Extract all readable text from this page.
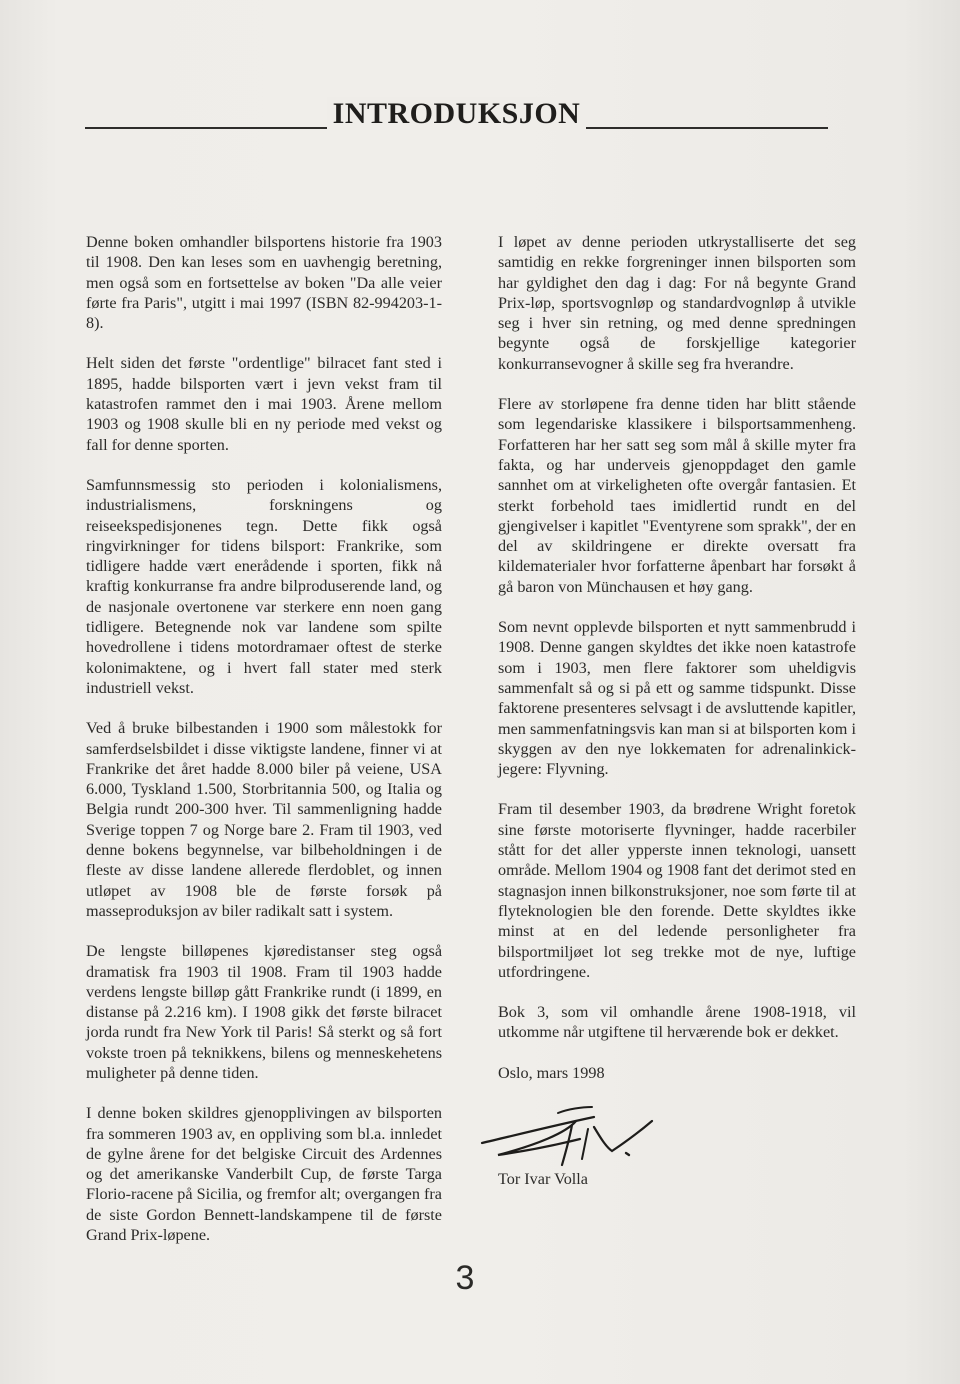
INTRODUKSJON

Denne boken omhandler bilsportens historie fra 1903 til 1908. Den kan leses som en uavhengig beretning, men også som en fortsettelse av boken "Da alle veier førte fra Paris", utgitt i mai 1997 (ISBN 82-994203-1-8).

Helt siden det første "ordentlige" bilracet fant sted i 1895, hadde bilsporten vært i jevn vekst fram til katastrofen rammet den i mai 1903. Årene mellom 1903 og 1908 skulle bli en ny periode med vekst og fall for denne sporten.

Samfunnsmessig sto perioden i kolonialismens, industrialismens, forskningens og reiseekspedisjonenes tegn. Dette fikk også ringvirkninger for tidens bilsport: Frankrike, som tidligere hadde vært enerådende i sporten, fikk nå kraftig konkurranse fra andre bilproduserende land, og de nasjonale overtonene var sterkere enn noen gang tidligere. Betegnende nok var landene som spilte hovedrollene i tidens motordramaer oftest de sterke kolonimaktene, og i hvert fall stater med sterk industriell vekst.

Ved å bruke bilbestanden i 1900 som målestokk for samferdselsbildet i disse viktigste landene, finner vi at Frankrike det året hadde 8.000 biler på veiene, USA 6.000, Tyskland 1.500, Storbritannia 500, og Italia og Belgia rundt 200-300 hver. Til sammenligning hadde Sverige toppen 7 og Norge bare 2. Fram til 1903, ved denne bokens begynnelse, var bilbeholdningen i de fleste av disse landene allerede flerdoblet, og innen utløpet av 1908 ble de første forsøk på masseproduksjon av biler radikalt satt i system.

De lengste billøpenes kjøredistanser steg også dramatisk fra 1903 til 1908. Fram til 1903 hadde verdens lengste billøp gått Frankrike rundt (i 1899, en distanse på 2.216 km). I 1908 gikk det første bilracet jorda rundt fra New York til Paris! Så sterkt og så fort vokste troen på teknikkens, bilens og menneskehetens muligheter på denne tiden.

I denne boken skildres gjenopplivingen av bilsporten fra sommeren 1903 av, en oppliving som bl.a. innledet de gylne årene for det belgiske Circuit des Ardennes og det amerikanske Vanderbilt Cup, de første Targa Florio-racene på Sicilia, og fremfor alt; overgangen fra de siste Gordon Bennett-landskampene til de første Grand Prix-løpene.

I løpet av denne perioden utkrystalliserte det seg samtidig en rekke forgreninger innen bilsporten som har gyldighet den dag i dag: For nå begynte Grand Prix-løp, sportsvognløp og standardvognløp å utvikle seg i hver sin retning, og med denne spredningen begynte også de forskjellige kategorier konkurransevogner å skille seg fra hverandre.

Flere av storløpene fra denne tiden har blitt stående som legendariske klassikere i bilsportsammenheng. Forfatteren har her satt seg som mål å skille myter fra fakta, og har underveis gjenoppdaget den gamle sannhet om at virkeligheten ofte overgår fantasien. Et sterkt forbehold taes imidlertid rundt en del gjengivelser i kapitlet "Eventyrene som sprakk", der en del av skildringene er direkte oversatt fra kildematerialer hvor forfatterne åpenbart har forsøkt å gå baron von Münchausen et høy gang.

Som nevnt opplevde bilsporten et nytt sammenbrudd i 1908. Denne gangen skyldtes det ikke noen katastrofe som i 1903, men flere faktorer som uheldigvis sammenfalt så og si på ett og samme tidspunkt. Disse faktorene presenteres selvsagt i de avsluttende kapitler, men sammenfatningsvis kan man si at bilsporten kom i skyggen av den nye lokkematen for adrenalinkick-jegere: Flyvning.

Fram til desember 1903, da brødrene Wright foretok sine første motoriserte flyvninger, hadde racerbiler stått for det aller ypperste innen teknologi, uansett område. Mellom 1904 og 1908 fant det derimot sted en stagnasjon innen bilkonstruksjoner, noe som førte til at flyteknologien ble den forende. Dette skyldtes ikke minst at en del ledende personligheter fra bilsportmiljøet lot seg trekke mot de nye, luftige utfordringene.

Bok 3, som vil omhandle årene 1908-1918, vil utkomme når utgiftene til herværende bok er dekket.

Oslo, mars 1998

Tor Ivar Volla

3
